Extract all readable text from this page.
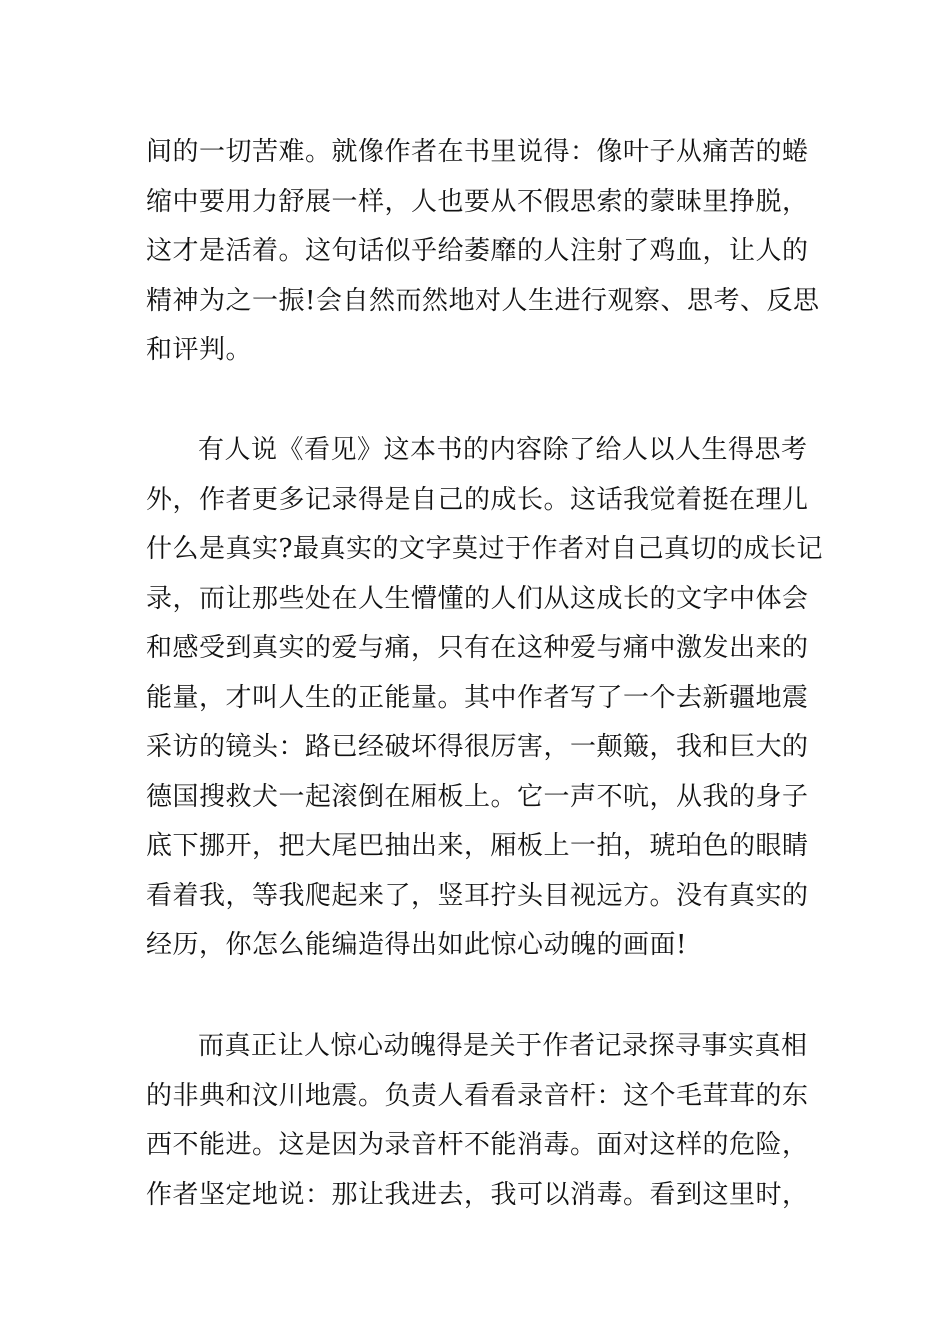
间的一切苦难。就像作者在书里说得：像叶子从痛苦的蜷
缩中要用力舒展一样，人也要从不假思索的蒙昧里挣脱，
这才是活着。这句话似乎给萎靡的人注射了鸡血，让人的
精神为之一振!会自然而然地对人生进行观察、思考、反思
和评判。
有人说《看见》这本书的内容除了给人以人生得思考
外，作者更多记录得是自己的成长。这话我觉着挺在理儿
什么是真实?最真实的文字莫过于作者对自己真切的成长记
录，而让那些处在人生懵懂的人们从这成长的文字中体会
和感受到真实的爱与痛，只有在这种爱与痛中激发出来的
能量，才叫人生的正能量。其中作者写了一个去新疆地震
采访的镜头：路已经破坏得很厉害，一颠簸，我和巨大的
德国搜救犬一起滚倒在厢板上。它一声不吭，从我的身子
底下挪开，把大尾巴抽出来，厢板上一拍，琥珀色的眼睛
看着我，等我爬起来了，竖耳拧头目视远方。没有真实的
经历，你怎么能编造得出如此惊心动魄的画面!
而真正让人惊心动魄得是关于作者记录探寻事实真相
的非典和汶川地震。负责人看看录音杆：这个毛茸茸的东
西不能进。这是因为录音杆不能消毒。面对这样的危险，
作者坚定地说：那让我进去，我可以消毒。看到这里时，
